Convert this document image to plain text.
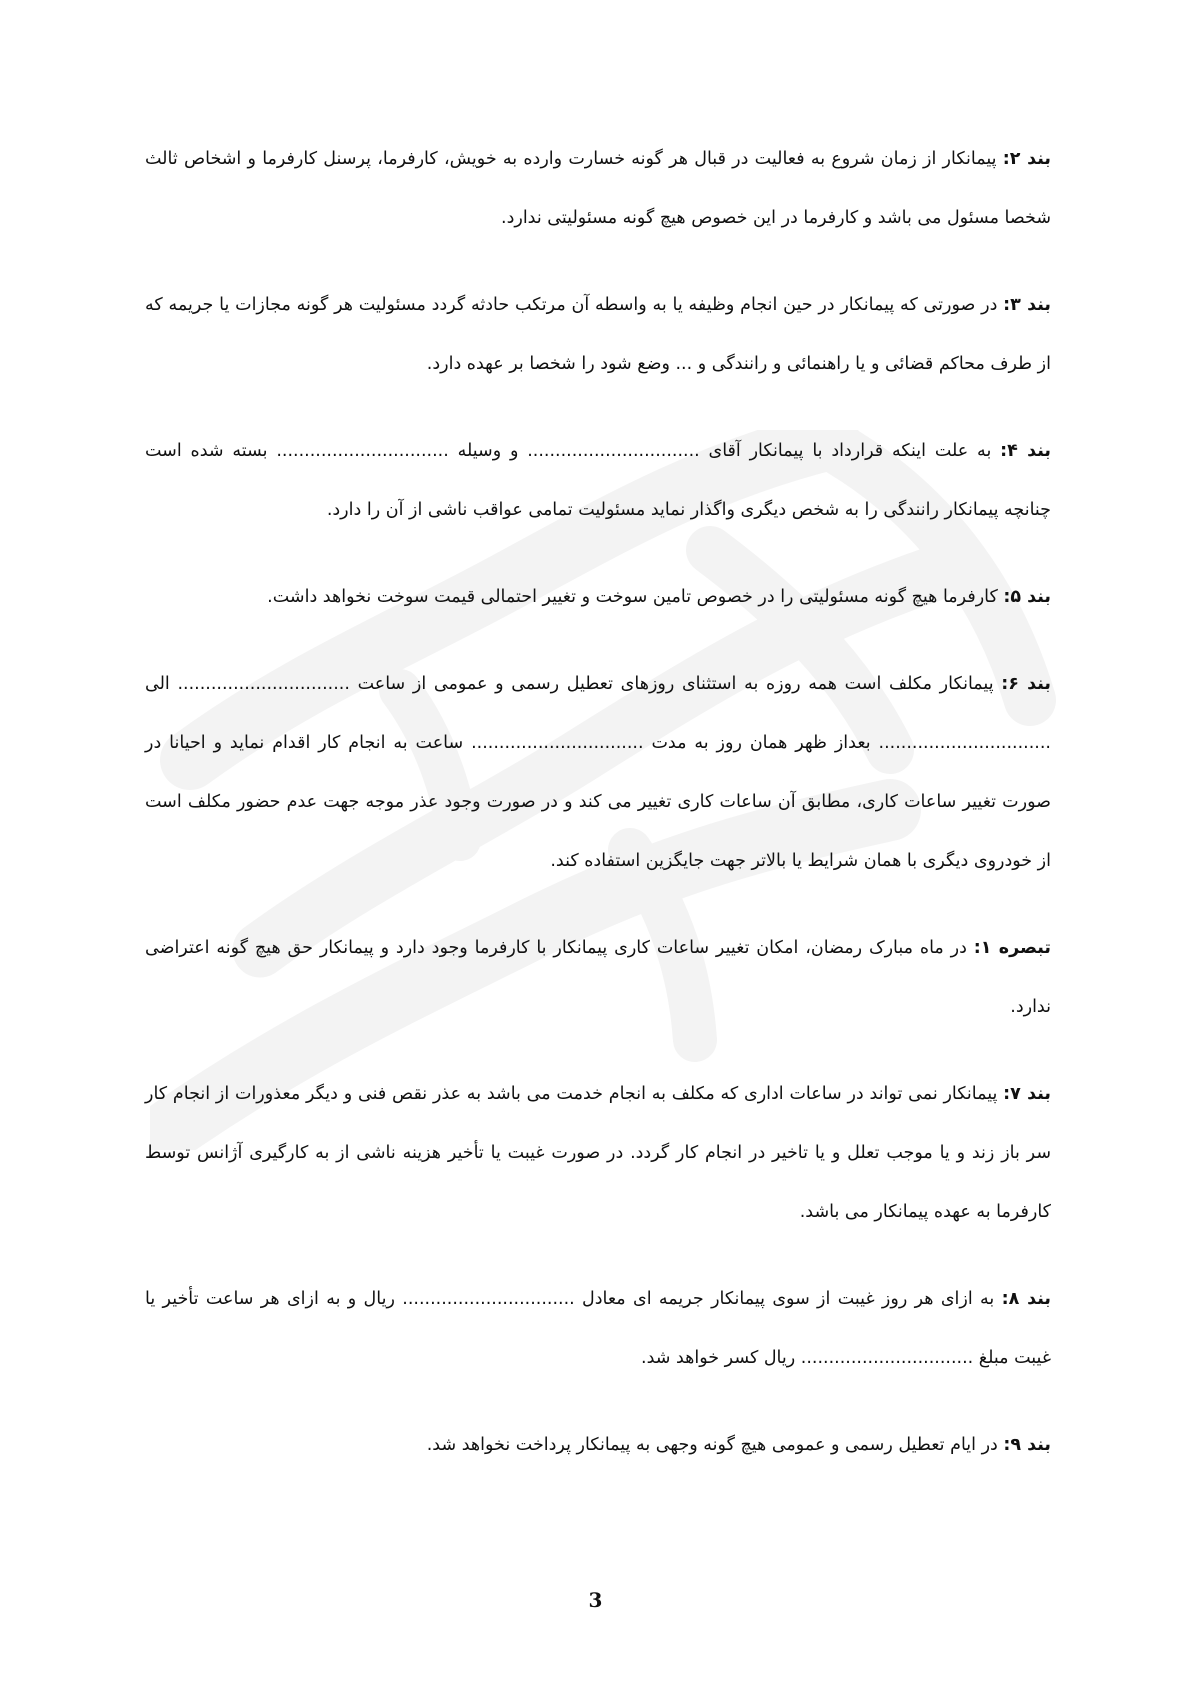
بند ۲: پیمانکار از زمان شروع به فعالیت در قبال هر گونه خسارت وارده به خویش، کارفرما، پرسنل کارفرما و اشخاص ثالث شخصا مسئول می باشد و کارفرما در این خصوص هیچ گونه مسئولیتی ندارد.

بند ۳: در صورتی که پیمانکار در حین انجام وظیفه یا به واسطه آن مرتکب حادثه گردد مسئولیت هر گونه مجازات یا جریمه که از طرف محاکم قضائی و یا راهنمائی و رانندگی و ... وضع شود را شخصا بر عهده دارد.

بند ۴: به علت اینکه قرارداد با پیمانکار آقای ............................... و وسیله ............................... بسته شده است چنانچه پیمانکار رانندگی را به شخص دیگری واگذار نماید مسئولیت تمامی عواقب ناشی از آن را دارد.

بند ۵: کارفرما هیچ گونه مسئولیتی را در خصوص تامین سوخت و تغییر احتمالی قیمت سوخت نخواهد داشت.

بند ۶: پیمانکار مکلف است همه روزه به استثنای روزهای تعطیل رسمی و عمومی از ساعت ............................... الی ............................... بعداز ظهر همان روز به مدت ............................... ساعت به انجام کار اقدام نماید و احیانا در صورت تغییر ساعات کاری، مطابق آن ساعات کاری تغییر می کند و در صورت وجود عذر موجه جهت عدم حضور مکلف است از خودروی دیگری با همان شرایط یا بالاتر جهت جایگزین استفاده کند.

تبصره ۱: در ماه مبارک رمضان، امکان تغییر ساعات کاری پیمانکار با کارفرما وجود دارد و پیمانکار حق هیچ گونه اعتراضی ندارد.

بند ۷: پیمانکار نمی تواند در ساعات اداری که مکلف به انجام خدمت می باشد به عذر نقص فنی و دیگر معذورات از انجام کار سر باز زند و یا موجب تعلل و یا تاخیر در انجام کار گردد. در صورت غیبت یا تأخیر هزینه ناشی از به کارگیری آژانس توسط کارفرما به عهده پیمانکار می باشد.

بند ۸: به ازای هر روز غیبت از سوی پیمانکار جریمه ای معادل ............................... ریال و به ازای هر ساعت تأخیر یا غیبت مبلغ ............................... ریال کسر خواهد شد.

بند ۹: در ایام تعطیل رسمی و عمومی هیچ گونه وجهی به پیمانکار پرداخت نخواهد شد.

3
